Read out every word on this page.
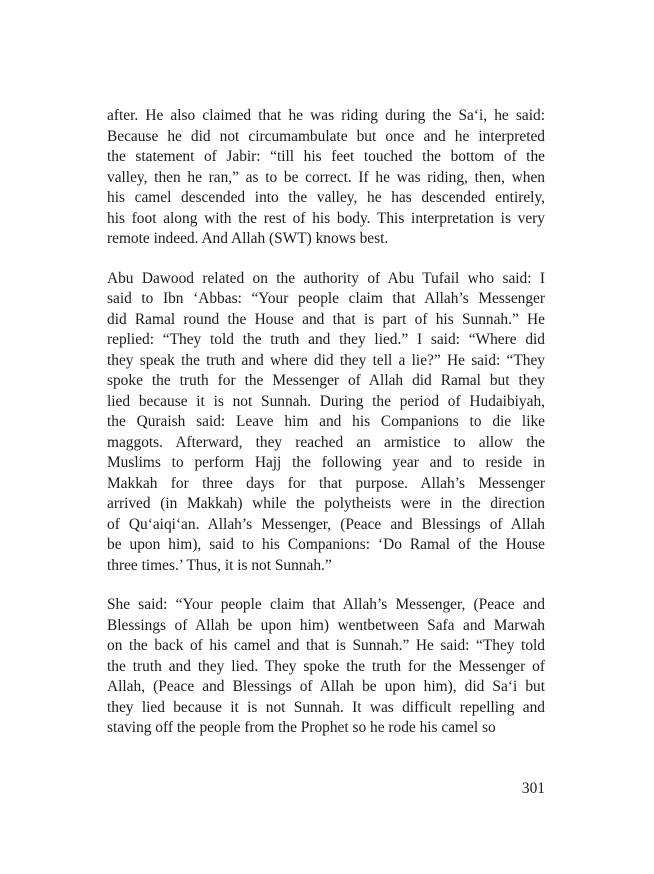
after. He also claimed that he was riding during the Sa‘i, he said:
Because he did not circumambulate but once and he interpreted
the statement of Jabir: “till his feet touched the bottom of the
valley, then he ran,” as to be correct. If he was riding, then, when
his camel descended into the valley, he has descended entirely,
his foot along with the rest of his body. This interpretation is very
remote indeed. And Allah (SWT) knows best.
Abu Dawood related on the authority of Abu Tufail who said: I
said to Ibn ‘Abbas: “Your people claim that Allah’s Messenger
did Ramal round the House and that is part of his Sunnah.” He
replied: “They told the truth and they lied.” I said: “Where did
they speak the truth and where did they tell a lie?” He said: “They
spoke the truth for the Messenger of Allah did Ramal but they
lied because it is not Sunnah. During the period of Hudaibiyah,
the Quraish said: Leave him and his Companions to die like
maggots. Afterward, they reached an armistice to allow the
Muslims to perform Hajj the following year and to reside in
Makkah for three days for that purpose. Allah’s Messenger
arrived (in Makkah) while the polytheists were in the direction
of Qu‘aiqi‘an. Allah’s Messenger, (Peace and Blessings of Allah
be upon him), said to his Companions: ‘Do Ramal of the House
three times.’ Thus, it is not Sunnah.”
She said: “Your people claim that Allah’s Messenger, (Peace and
Blessings of Allah be upon him) wentbetween Safa and Marwah
on the back of his camel and that is Sunnah.” He said: “They told
the truth and they lied. They spoke the truth for the Messenger of
Allah, (Peace and Blessings of Allah be upon him), did Sa‘i but
they lied because it is not Sunnah. It was difficult repelling and
staving off the people from the Prophet so he rode his camel so
301
